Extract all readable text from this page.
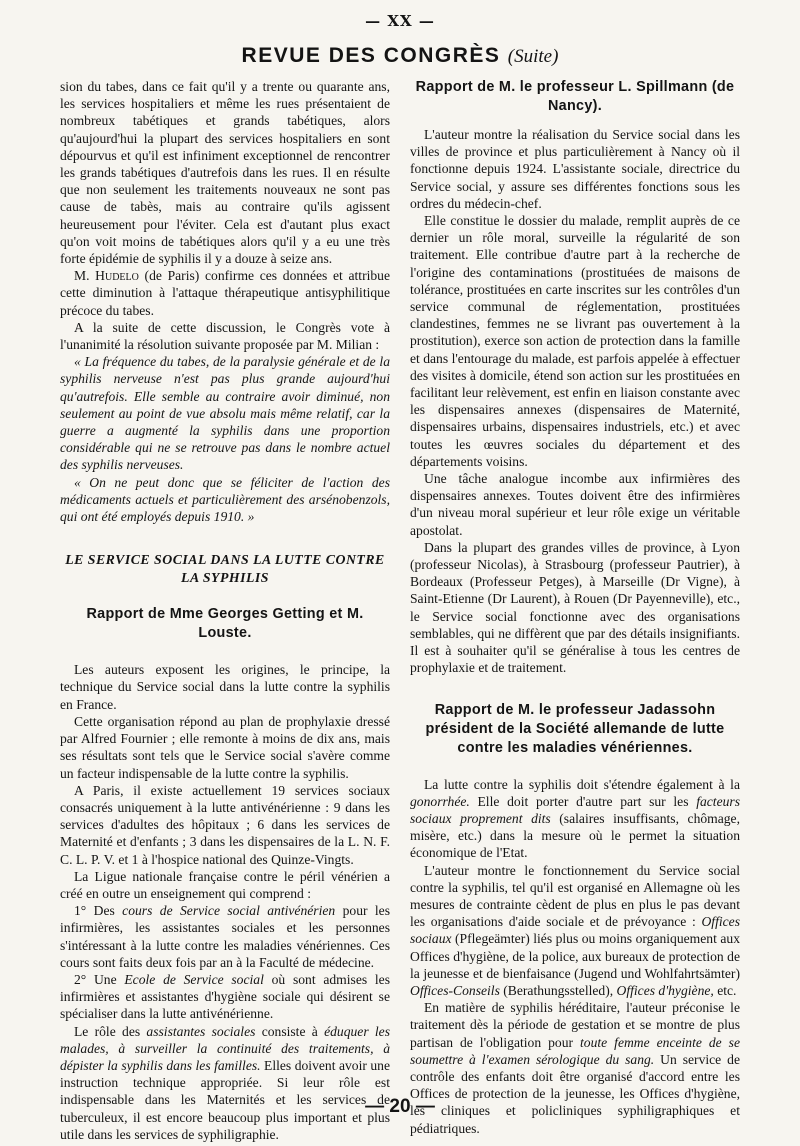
— XX —
REVUE DES CONGRÈS (Suite)

sion du tabes, dans ce fait qu'il y a trente ou quarante ans, les services hospitaliers et même les rues présentaient de nombreux tabétiques et grands tabétiques, alors qu'aujourd'hui la plupart des services hospitaliers en sont dépourvus et qu'il est infiniment exceptionnel de rencontrer les grands tabétiques d'autrefois dans les rues. Il en résulte que non seulement les traitements nouveaux ne sont pas cause de tabès, mais au contraire qu'ils agissent heureusement pour l'éviter. Cela est d'autant plus exact qu'on voit moins de tabétiques alors qu'il y a eu une très forte épidémie de syphilis il y a douze à seize ans.

M. Hudelo (de Paris) confirme ces données et attribue cette diminution à l'attaque thérapeutique antisyphilitique précoce du tabes.

A la suite de cette discussion, le Congrès vote à l'unanimité la résolution suivante proposée par M. Milian :

« La fréquence du tabes, de la paralysie générale et de la syphilis nerveuse n'est pas plus grande aujourd'hui qu'autrefois. Elle semble au contraire avoir diminué, non seulement au point de vue absolu mais même relatif, car la guerre a augmenté la syphilis dans une proportion considérable qui ne se retrouve pas dans le nombre actuel des syphilis nerveuses.

« On ne peut donc que se féliciter de l'action des médicaments actuels et particulièrement des arsénobenzols, qui ont été employés depuis 1910. »

LE SERVICE SOCIAL DANS LA LUTTE CONTRE LA SYPHILIS
Rapport de Mme Georges Getting et M. Louste.

Les auteurs exposent les origines, le principe, la technique du Service social dans la lutte contre la syphilis en France.

Cette organisation répond au plan de prophylaxie dressé par Alfred Fournier ; elle remonte à moins de dix ans, mais ses résultats sont tels que le Service social s'avère comme un facteur indispensable de la lutte contre la syphilis.

A Paris, il existe actuellement 19 services sociaux consacrés uniquement à la lutte antivénérienne : 9 dans les services d'adultes des hôpitaux ; 6 dans les services de Maternité et d'enfants ; 3 dans les dispensaires de la L. N. F. C. L. P. V. et 1 à l'hospice national des Quinze-Vingts.

La Ligue nationale française contre le péril vénérien a créé en outre un enseignement qui comprend :

1° Des cours de Service social antivénérien pour les infirmières, les assistantes sociales et les personnes s'intéressant à la lutte contre les maladies vénériennes. Ces cours sont faits deux fois par an à la Faculté de médecine.

2° Une Ecole de Service social où sont admises les infirmières et assistantes d'hygiène sociale qui désirent se spécialiser dans la lutte antivénérienne.

Le rôle des assistantes sociales consiste à éduquer les malades, à surveiller la continuité des traitements, à dépister la syphilis dans les familles. Elles doivent avoir une instruction technique appropriée. Si leur rôle est indispensable dans les Maternités et les services de tuberculeux, il est encore beaucoup plus important et plus utile dans les services de syphiligraphie.

Rapport de M. le professeur L. Spillmann (de Nancy).

L'auteur montre la réalisation du Service social dans les villes de province et plus particulièrement à Nancy où il fonctionne depuis 1924. L'assistante sociale, directrice du Service social, y assure ses différentes fonctions sous les ordres du médecin-chef.

Elle constitue le dossier du malade, remplit auprès de ce dernier un rôle moral, surveille la régularité de son traitement. Elle contribue d'autre part à la recherche de l'origine des contaminations (prostituées de maisons de tolérance, prostituées en carte inscrites sur les contrôles d'un service communal de réglementation, prostituées clandestines, femmes ne se livrant pas ouvertement à la prostitution), exerce son action de protection dans la famille et dans l'entourage du malade, est parfois appelée à effectuer des visites à domicile, étend son action sur les prostituées en facilitant leur relèvement, est enfin en liaison constante avec les dispensaires annexes (dispensaires de Maternité, dispensaires urbains, dispensaires industriels, etc.) et avec toutes les œuvres sociales du département et des départements voisins.

Une tâche analogue incombe aux infirmières des dispensaires annexes. Toutes doivent être des infirmières d'un niveau moral supérieur et leur rôle exige un véritable apostolat.

Dans la plupart des grandes villes de province, à Lyon (professeur Nicolas), à Strasbourg (professeur Pautrier), à Bordeaux (Professeur Petges), à Marseille (Dr Vigne), à Saint-Etienne (Dr Laurent), à Rouen (Dr Payenneville), etc., le Service social fonctionne avec des organisations semblables, qui ne diffèrent que par des détails insignifiants. Il est à souhaiter qu'il se généralise à tous les centres de prophylaxie et de traitement.

Rapport de M. le professeur Jadassohn président de la Société allemande de lutte contre les maladies vénériennes.

La lutte contre la syphilis doit s'étendre également à la gonorrhée. Elle doit porter d'autre part sur les facteurs sociaux proprement dits (salaires insuffisants, chômage, misère, etc.) dans la mesure où le permet la situation économique de l'Etat.

L'auteur montre le fonctionnement du Service social contre la syphilis, tel qu'il est organisé en Allemagne où les mesures de contrainte cèdent de plus en plus le pas devant les organisations d'aide sociale et de prévoyance : Offices sociaux (Pflegeämter) liés plus ou moins organiquement aux Offices d'hygiène, de la police, aux bureaux de protection de la jeunesse et de bienfaisance (Jugend und Wohlfahrtsämter) Offices-Conseils (Berathungsstelled), Offices d'hygiène, etc.

En matière de syphilis héréditaire, l'auteur préconise le traitement dès la période de gestation et se montre de plus partisan de l'obligation pour toute femme enceinte de se soumettre à l'examen sérologique du sang. Un service de contrôle des enfants doit être organisé d'accord entre les Offices de protection de la jeunesse, les Offices d'hygiène, les cliniques et policliniques syphiligraphiques et pédiatriques.

— 20 —
